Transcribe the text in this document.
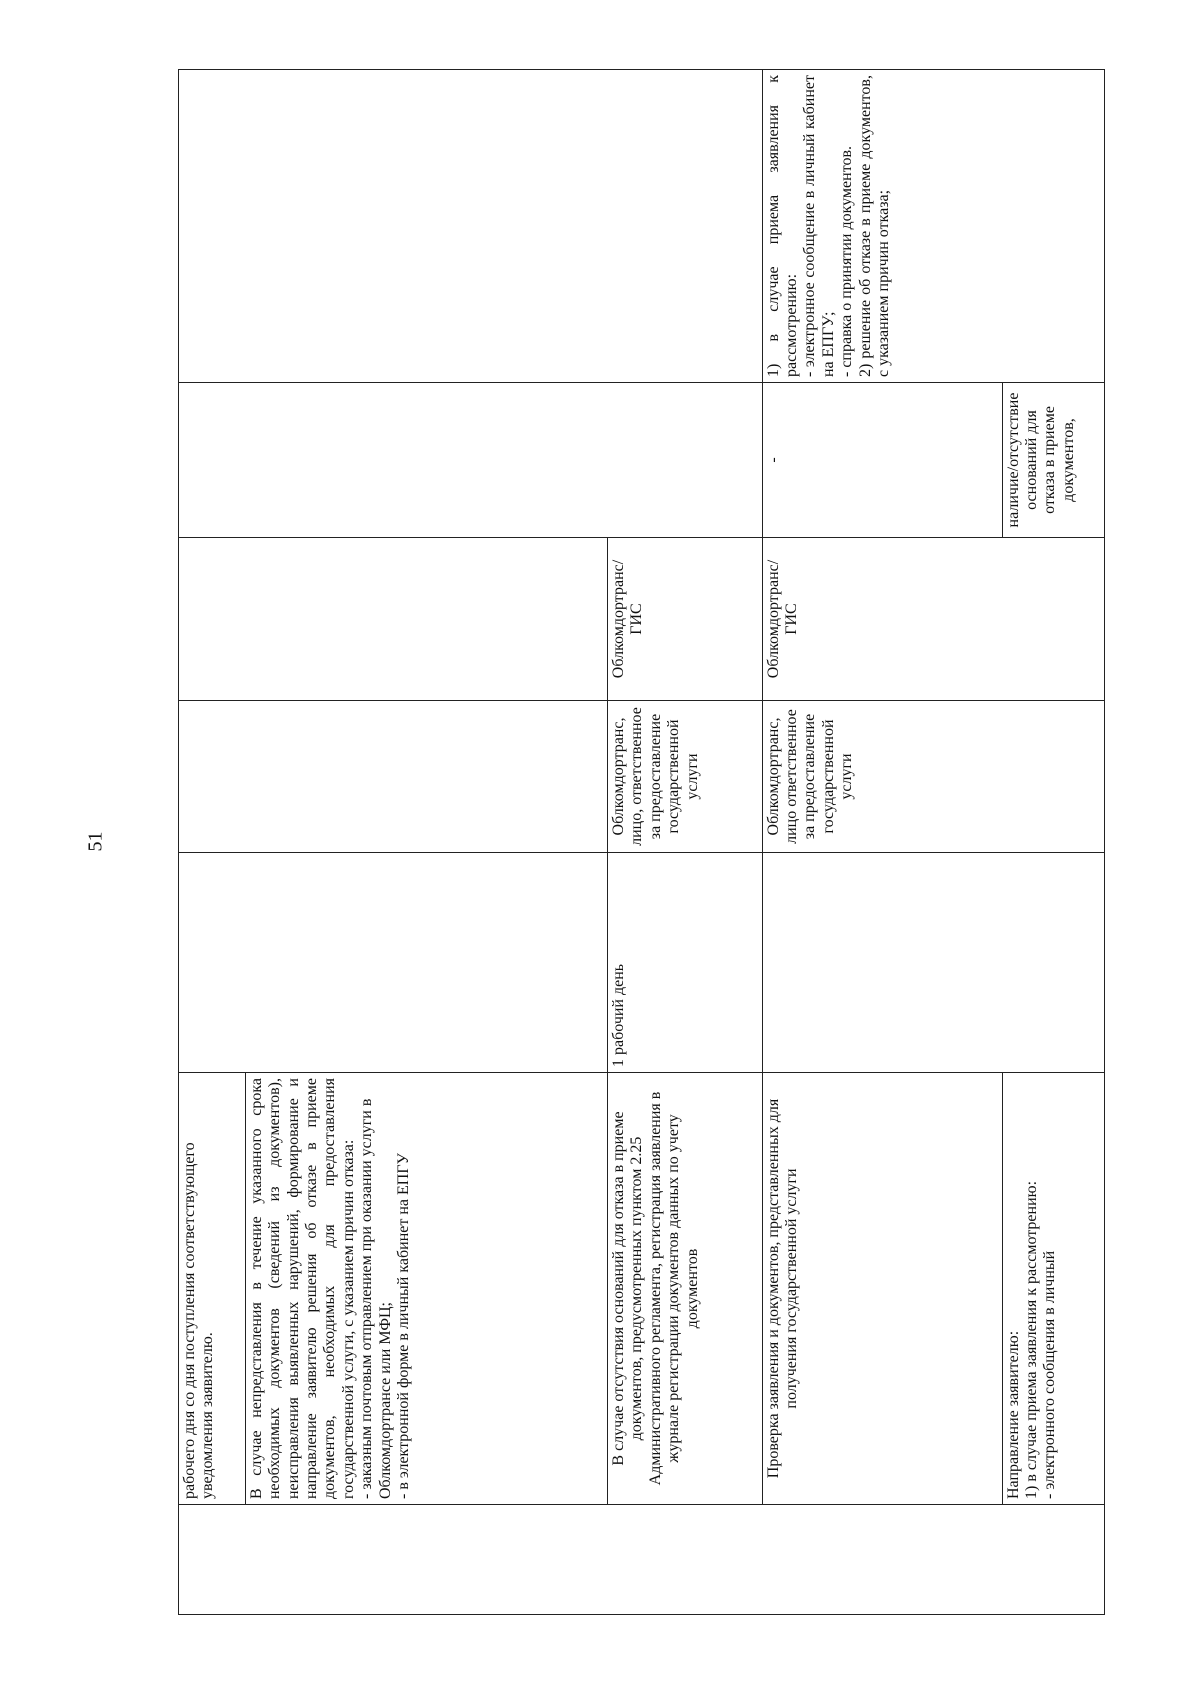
51
	рабочего дня со дня поступления соответствующего уведомления заявителю.					

	В случае непредставления в течение указанного срока необходимых документов (сведений из документов), неисправления выявленных нарушений, формирование и направление заявителю решения об отказе в приеме документов, необходимых для предоставления государственной услуги, с указанием причин отказа: - заказным почтовым отправлением при оказании услуги в Облкомдортрансе или МФЦ; - в электронной форме в личный кабинет на ЕПГУ					

	В случае отсутствия оснований для отказа в приеме документов, предусмотренных пунктом 2.25 Административного регламента, регистрация заявления в журнале регистрации документов данных по учету документов	1 рабочий день	Облкомдортранс, лицо, ответственное за предоставление государственной услуги	Облкомдортранс/ ГИС		
	Проверка заявления и документов, представленных для получения государственной услуги		Облкомдортранс, лицо ответственное за предоставление государственной услуги	Облкомдортранс/ ГИС	-	1) в случае приема заявления к рассмотрению: - электронное сообщение в личный кабинет на ЕПГУ; - справка о принятии документов. 2) решение об отказе в приеме документов, с указанием причин отказа;

	Направление заявителю: 1) в случае приема заявления к рассмотрению: - электронного сообщения в личный				наличие/отсутствие оснований для отказа в приеме документов,	
